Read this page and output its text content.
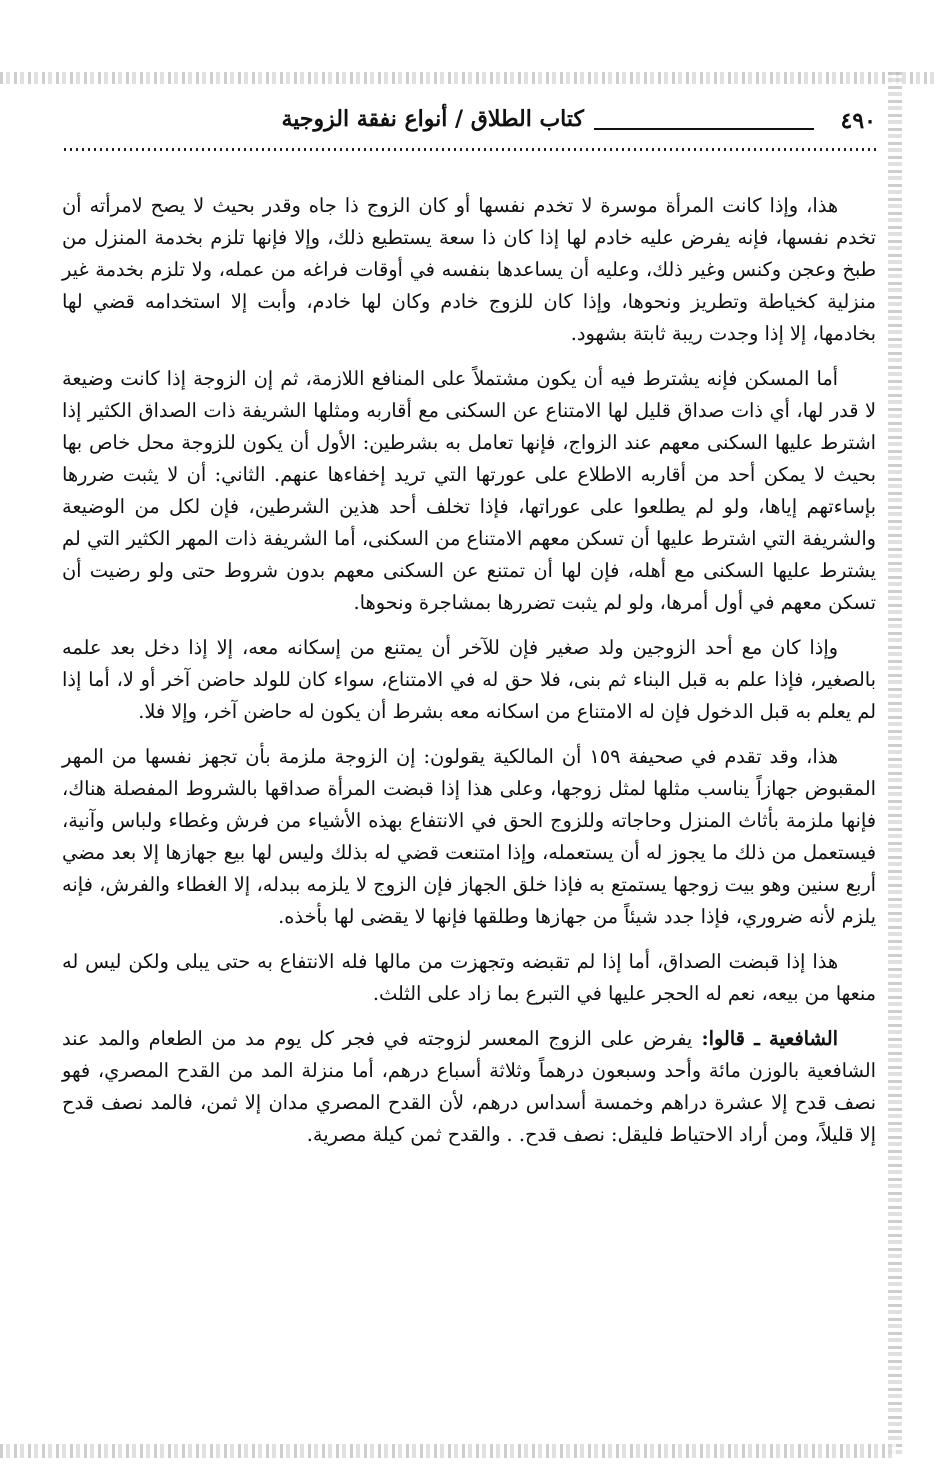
٤٩٠
كتاب الطلاق / أنواع نفقة الزوجية

هذا، وإذا كانت المرأة موسرة لا تخدم نفسها أو كان الزوج ذا جاه وقدر بحيث لا يصح لامرأته أن تخدم نفسها، فإنه يفرض عليه خادم لها إذا كان ذا سعة يستطيع ذلك، وإلا فإنها تلزم بخدمة المنزل من طبخ وعجن وكنس وغير ذلك، وعليه أن يساعدها بنفسه في أوقات فراغه من عمله، ولا تلزم بخدمة غير منزلية كخياطة وتطريز ونحوها، وإذا كان للزوج خادم وكان لها خادم، وأبت إلا استخدامه قضي لها بخادمها، إلا إذا وجدت ريبة ثابتة بشهود.

أما المسكن فإنه يشترط فيه أن يكون مشتملاً على المنافع اللازمة، ثم إن الزوجة إذا كانت وضيعة لا قدر لها، أي ذات صداق قليل لها الامتناع عن السكنى مع أقاربه ومثلها الشريفة ذات الصداق الكثير إذا اشترط عليها السكنى معهم عند الزواج، فإنها تعامل به بشرطين: الأول أن يكون للزوجة محل خاص بها بحيث لا يمكن أحد من أقاربه الاطلاع على عورتها التي تريد إخفاءها عنهم. الثاني: أن لا يثبت ضررها بإساءتهم إياها، ولو لم يطلعوا على عوراتها، فإذا تخلف أحد هذين الشرطين، فإن لكل من الوضيعة والشريفة التي اشترط عليها أن تسكن معهم الامتناع من السكنى، أما الشريفة ذات المهر الكثير التي لم يشترط عليها السكنى مع أهله، فإن لها أن تمتنع عن السكنى معهم بدون شروط حتى ولو رضيت أن تسكن معهم في أول أمرها، ولو لم يثبت تضررها بمشاجرة ونحوها.

وإذا كان مع أحد الزوجين ولد صغير فإن للآخر أن يمتنع من إسكانه معه، إلا إذا دخل بعد علمه بالصغير، فإذا علم به قبل البناء ثم بنى، فلا حق له في الامتناع، سواء كان للولد حاضن آخر أو لا، أما إذا لم يعلم به قبل الدخول فإن له الامتناع من اسكانه معه بشرط أن يكون له حاضن آخر، وإلا فلا.

هذا، وقد تقدم في صحيفة ١٥٩ أن المالكية يقولون: إن الزوجة ملزمة بأن تجهز نفسها من المهر المقبوض جهازاً يناسب مثلها لمثل زوجها، وعلى هذا إذا قبضت المرأة صداقها بالشروط المفصلة هناك، فإنها ملزمة بأثاث المنزل وحاجاته وللزوج الحق في الانتفاع بهذه الأشياء من فرش وغطاء ولباس وآنية، فيستعمل من ذلك ما يجوز له أن يستعمله، وإذا امتنعت قضي له بذلك وليس لها بيع جهازها إلا بعد مضي أربع سنين وهو بيت زوجها يستمتع به فإذا خلق الجهاز فإن الزوج لا يلزمه ببدله، إلا الغطاء والفرش، فإنه يلزم لأنه ضروري، فإذا جدد شيئاً من جهازها وطلقها فإنها لا يقضى لها بأخذه.

هذا إذا قبضت الصداق، أما إذا لم تقبضه وتجهزت من مالها فله الانتفاع به حتى يبلى ولكن ليس له منعها من بيعه، نعم له الحجر عليها في التبرع بما زاد على الثلث.

الشافعية ـ قالوا: يفرض على الزوج المعسر لزوجته في فجر كل يوم مد من الطعام والمد عند الشافعية بالوزن مائة وأحد وسبعون درهماً وثلاثة أسباع درهم، أما منزلة المد من القدح المصري، فهو نصف قدح إلا عشرة دراهم وخمسة أسداس درهم، لأن القدح المصري مدان إلا ثمن، فالمد نصف قدح إلا قليلاً، ومن أراد الاحتياط فليقل: نصف قدح. . والقدح ثمن كيلة مصرية.
